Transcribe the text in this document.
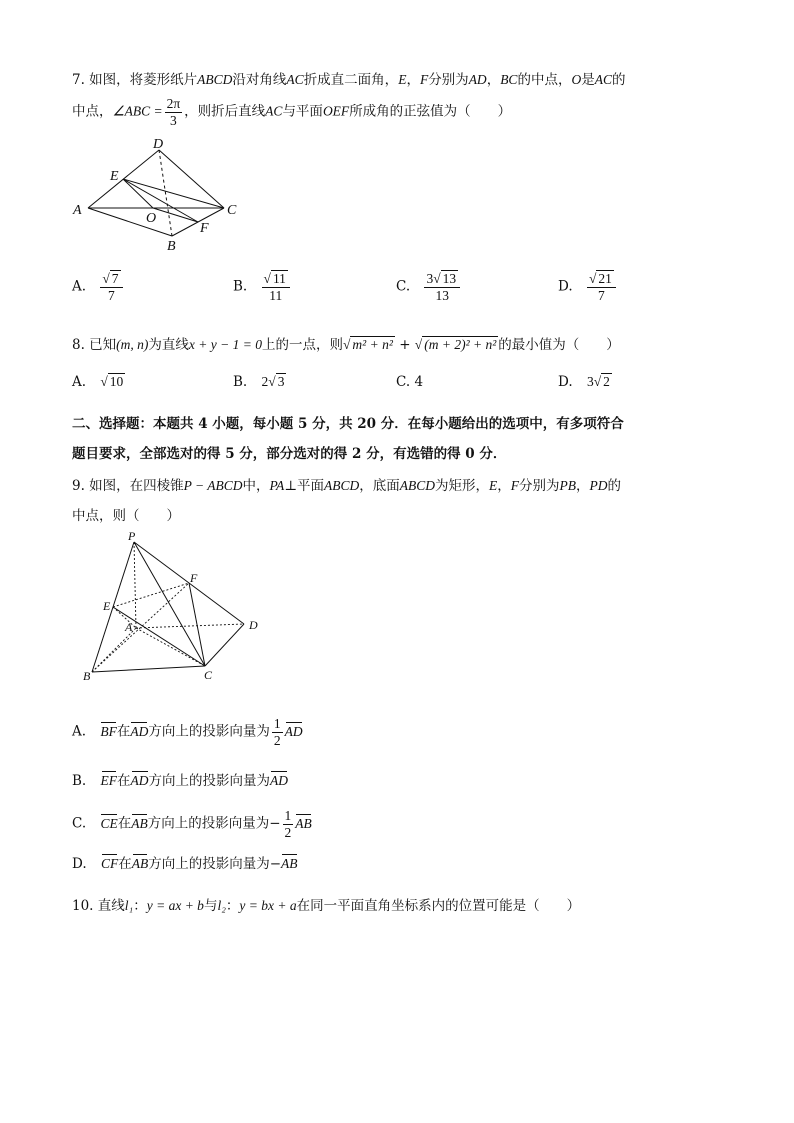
7. 如图，将菱形纸片ABCD沿对角线AC折成直二面角，E，F分别为AD，BC的中点，O是AC的
中点，∠ABC = $\frac{2\pi}{3}$ ，则折后直线AC与平面OEF所成角的正弦值为（　　）
D
E
A
O
C
F
B
A. $\frac{√ 7}{7}$	B. $\frac{√ 11}{11}$	C. $\frac{3√ 13}{13}$	D. $\frac{√ 21}{7}$
8. 已知(m, n)为直线x + y − 1 = 0上的一点，则√ m² + n² + √ (m + 2)² + n² 的最小值为（　　）
A. √ 10	B. 2√ 3	C. 4	D. 3√ 2
二、选择题：本题共 4 小题，每小题 5 分，共 20 分．在每小题给出的选项中，有多项符合
题目要求，全部选对的得 5 分，部分选对的得 2 分，有选错的得 0 分．
9. 如图，在四棱锥P − ABCD中，PA⊥平面ABCD，底面ABCD为矩形，E，F分别为PB，PD的
中点，则（　　）
P
F
E
A	D
B	C
A. BF在AD方向上的投影向量为 $\frac{1}{2}$ AD
B. EF在AD方向上的投影向量为AD
C. CE在AB方向上的投影向量为− $\frac{1}{2}$ AB
D. CF在AB方向上的投影向量为−AB
10. 直线l₁：y = ax + b与l₂：y = bx + a在同一平面直角坐标系内的位置可能是（　　）
